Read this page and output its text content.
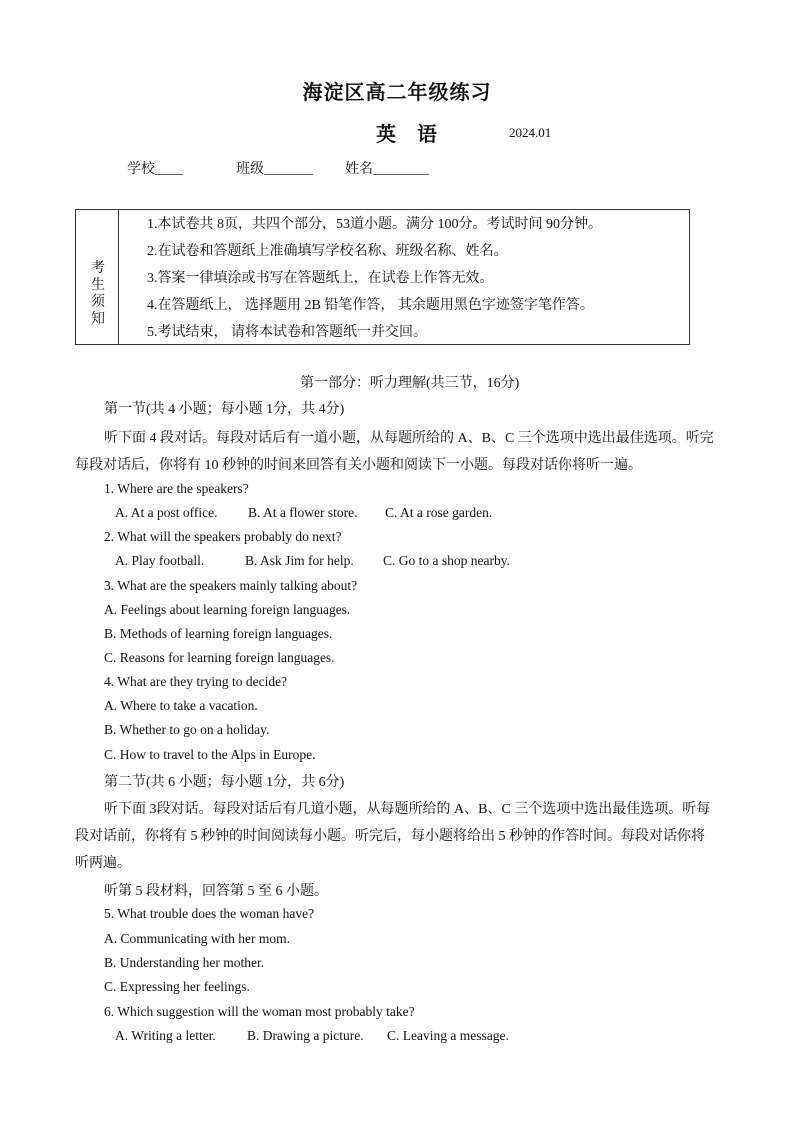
海淀区高二年级练习
英 语	2024.01
学校____	班级_______ 姓名________
考生须知
1.本试卷共 8页，共四个部分，53道小题。满分 100分。考试时间 90分钟。
2.在试卷和答题纸上准确填写学校名称、班级名称、姓名。
3.答案一律填涂或书写在答题纸上，在试卷上作答无效。
4.在答题纸上， 选择题用 2B 铅笔作答， 其余题用黑色字迹签字笔作答。
5.考试结束， 请将本试卷和答题纸一并交回。
第一部分：听力理解(共三节，16分)
第一节(共 4 小题；每小题 1分，共 4分)
听下面 4 段对话。每段对话后有一道小题，从每题所给的 A、B、C 三个选项中选出最佳选项。听完
每段对话后，你将有 10 秒钟的时间来回答有关小题和阅读下一小题。每段对话你将听一遍。
1. Where are the speakers?
A. At a post office. B. At a flower store. C. At a rose garden.
2. What will the speakers probably do next?
A. Play football.	B. Ask Jim for help. C. Go to a shop nearby.
3. What are the speakers mainly talking about?
A. Feelings about learning foreign languages.
B. Methods of learning foreign languages.
C. Reasons for learning foreign languages.
4. What are they trying to decide?
A. Where to take a vacation.
B. Whether to go on a holiday.
C. How to travel to the Alps in Europe.
第二节(共 6 小题；每小题 1分，共 6分)
听下面 3段对话。每段对话后有几道小题，从每题所给的 A、B、C 三个选项中选出最佳选项。听每
段对话前，你将有 5 秒钟的时间阅读每小题。听完后，每小题将给出 5 秒钟的作答时间。每段对话你将
听两遍。
听第 5 段材料，回答第 5 至 6 小题。
5. What trouble does the woman have?
A. Communicating with her mom.
B. Understanding her mother.
C. Expressing her feelings.
6. Which suggestion will the woman most probably take?
A. Writing a letter. B. Drawing a picture. C. Leaving a message.
